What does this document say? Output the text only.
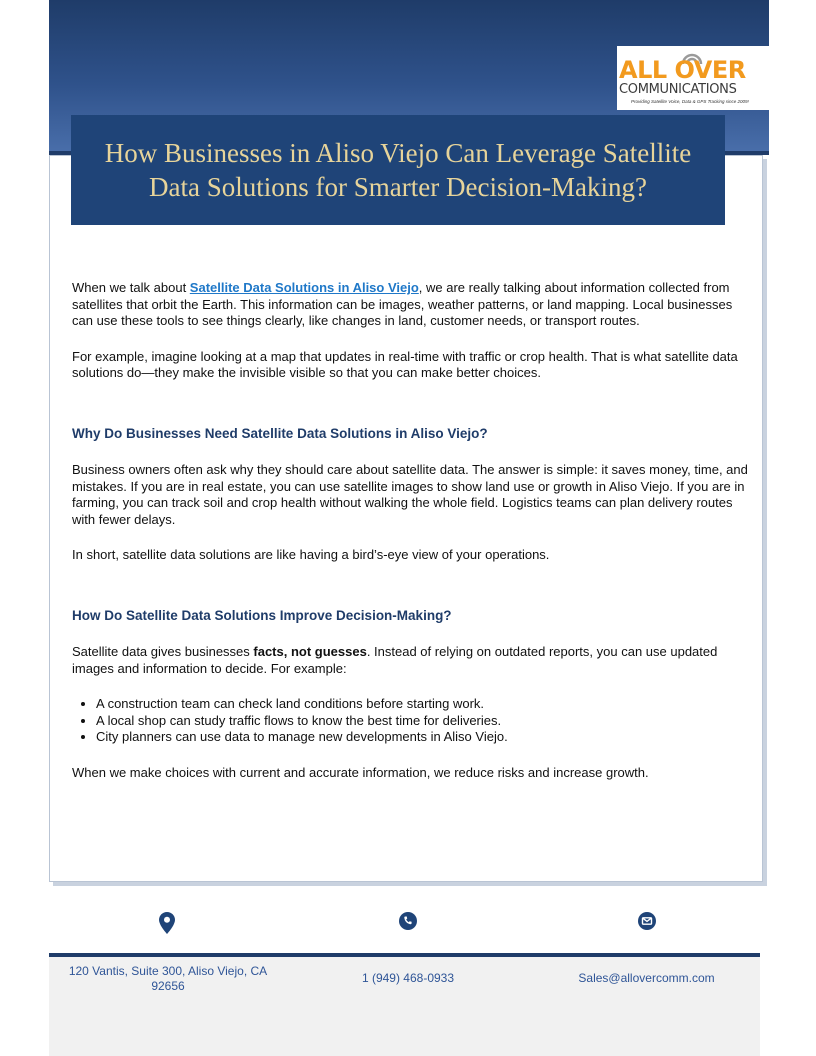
ALL OVER
COMMUNICATIONS
Providing Satellite Voice, Data & GPS Tracking since 2009!
How Businesses in Aliso Viejo Can Leverage Satellite Data Solutions for Smarter Decision-Making?

When we talk about Satellite Data Solutions in Aliso Viejo, we are really talking about information collected from satellites that orbit the Earth. This information can be images, weather patterns, or land mapping. Local businesses can use these tools to see things clearly, like changes in land, customer needs, or transport routes.

For example, imagine looking at a map that updates in real-time with traffic or crop health. That is what satellite data solutions do—they make the invisible visible so that you can make better choices.

Why Do Businesses Need Satellite Data Solutions in Aliso Viejo?

Business owners often ask why they should care about satellite data. The answer is simple: it saves money, time, and mistakes. If you are in real estate, you can use satellite images to show land use or growth in Aliso Viejo. If you are in farming, you can track soil and crop health without walking the whole field. Logistics teams can plan delivery routes with fewer delays.

In short, satellite data solutions are like having a bird’s-eye view of your operations.

How Do Satellite Data Solutions Improve Decision-Making?

Satellite data gives businesses facts, not guesses. Instead of relying on outdated reports, you can use updated images and information to decide. For example:

• A construction team can check land conditions before starting work.
• A local shop can study traffic flows to know the best time for deliveries.
• City planners can use data to manage new developments in Aliso Viejo.

When we make choices with current and accurate information, we reduce risks and increase growth.

120 Vantis, Suite 300, Aliso Viejo, CA 92656
1 (949) 468-0933	Sales@allovercomm.com
